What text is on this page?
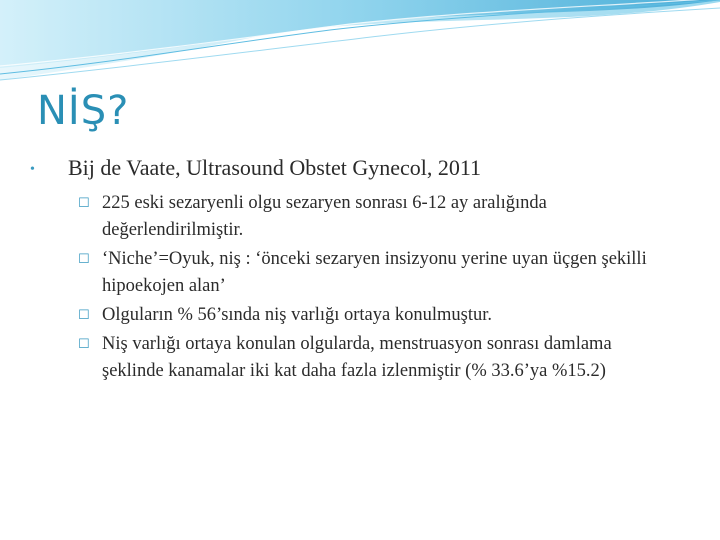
NİŞ?
•	Bij de Vaate, Ultrasound Obstet Gynecol, 2011
☐ 225 eski sezaryenli olgu sezaryen sonrası 6-12 ay aralığında değerlendirilmiştir.
☐ ‘Niche’=Oyuk, niş : ‘önceki sezaryen insizyonu yerine uyan üçgen şekilli hipoekojen alan’
☐ Olguların % 56’sında niş varlığı ortaya konulmuştur.
☐ Niş varlığı ortaya konulan olgularda, menstruasyon sonrası damlama şeklinde kanamalar iki kat daha fazla izlenmiştir (% 33.6’ya %15.2)
